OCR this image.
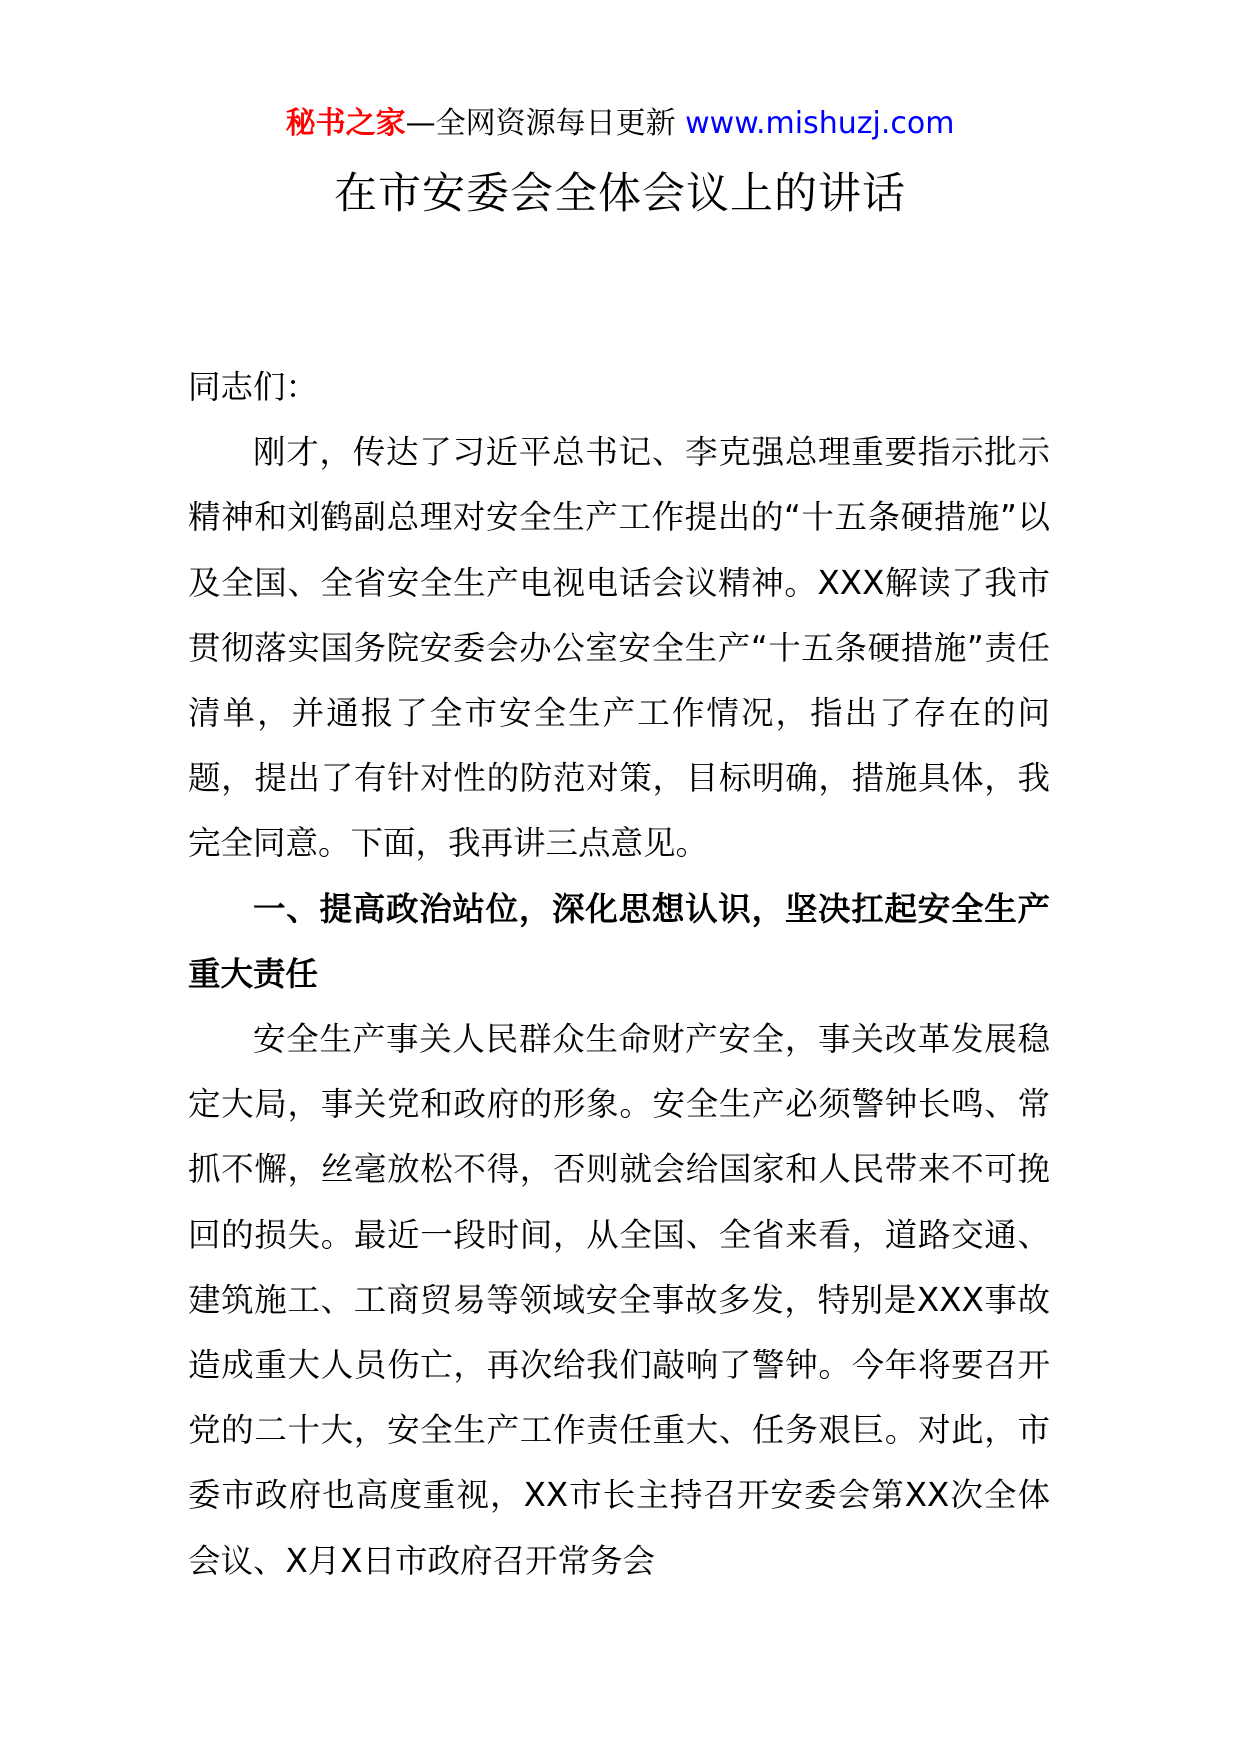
秘书之家—全网资源每日更新 www.mishuzj.com
在市安委会全体会议上的讲话

同志们：

刚才，传达了习近平总书记、李克强总理重要指示批示精神和刘鹤副总理对安全生产工作提出的“十五条硬措施”以及全国、全省安全生产电视电话会议精神。XXX解读了我市贯彻落实国务院安委会办公室安全生产“十五条硬措施”责任清单，并通报了全市安全生产工作情况，指出了存在的问题，提出了有针对性的防范对策，目标明确，措施具体，我完全同意。下面，我再讲三点意见。

一、提高政治站位，深化思想认识，坚决扛起安全生产重大责任

安全生产事关人民群众生命财产安全，事关改革发展稳定大局，事关党和政府的形象。安全生产必须警钟长鸣、常抓不懈，丝毫放松不得，否则就会给国家和人民带来不可挽回的损失。最近一段时间，从全国、全省来看，道路交通、建筑施工、工商贸易等领域安全事故多发，特别是XXX事故造成重大人员伤亡，再次给我们敲响了警钟。今年将要召开党的二十大，安全生产工作责任重大、任务艰巨。对此，市委市政府也高度重视，XX市长主持召开安委会第XX次全体会议、X月X日市政府召开常务会
